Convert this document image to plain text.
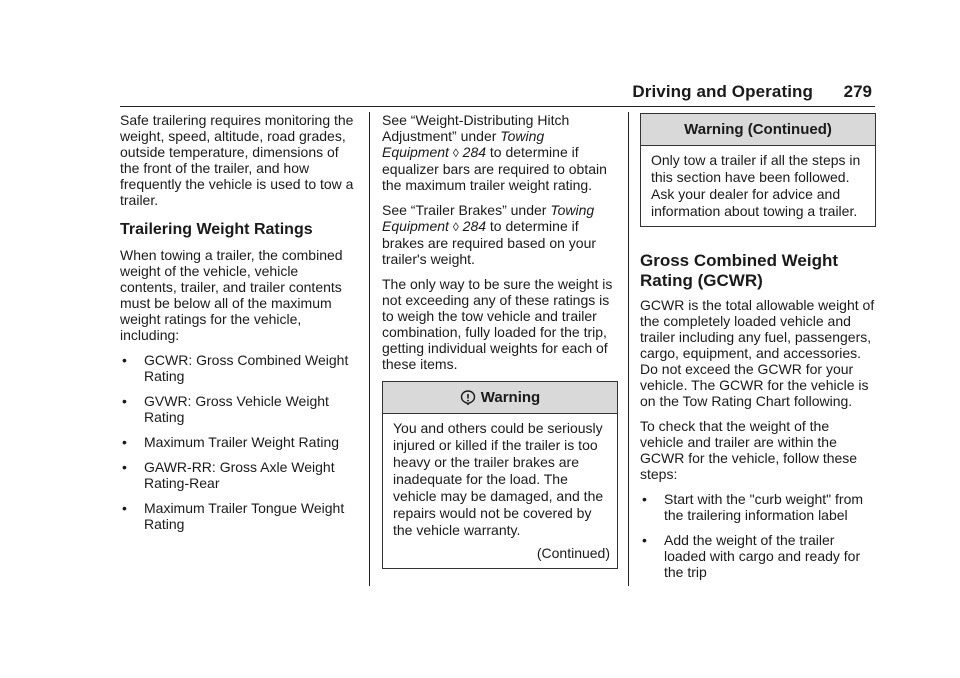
Driving and Operating 279

Safe trailering requires monitoring the weight, speed, altitude, road grades, outside temperature, dimensions of the front of the trailer, and how frequently the vehicle is used to tow a trailer.

Trailering Weight Ratings

When towing a trailer, the combined weight of the vehicle, vehicle contents, trailer, and trailer contents must be below all of the maximum weight ratings for the vehicle, including:

• GCWR: Gross Combined Weight Rating
• GVWR: Gross Vehicle Weight Rating
• Maximum Trailer Weight Rating
• GAWR-RR: Gross Axle Weight Rating-Rear
• Maximum Trailer Tongue Weight Rating

See “Weight-Distributing Hitch Adjustment” under Towing Equipment ◊ 284 to determine if equalizer bars are required to obtain the maximum trailer weight rating.

See “Trailer Brakes” under Towing Equipment ◊ 284 to determine if brakes are required based on your trailer's weight.

The only way to be sure the weight is not exceeding any of these ratings is to weigh the tow vehicle and trailer combination, fully loaded for the trip, getting individual weights for each of these items.

Warning
You and others could be seriously injured or killed if the trailer is too heavy or the trailer brakes are inadequate for the load. The vehicle may be damaged, and the repairs would not be covered by the vehicle warranty.
(Continued)
Warning (Continued)
Only tow a trailer if all the steps in this section have been followed. Ask your dealer for advice and information about towing a trailer.
Gross Combined Weight Rating (GCWR)

GCWR is the total allowable weight of the completely loaded vehicle and trailer including any fuel, passengers, cargo, equipment, and accessories. Do not exceed the GCWR for your vehicle. The GCWR for the vehicle is on the Tow Rating Chart following.

To check that the weight of the vehicle and trailer are within the GCWR for the vehicle, follow these steps:

• Start with the "curb weight" from the trailering information label
• Add the weight of the trailer loaded with cargo and ready for the trip
